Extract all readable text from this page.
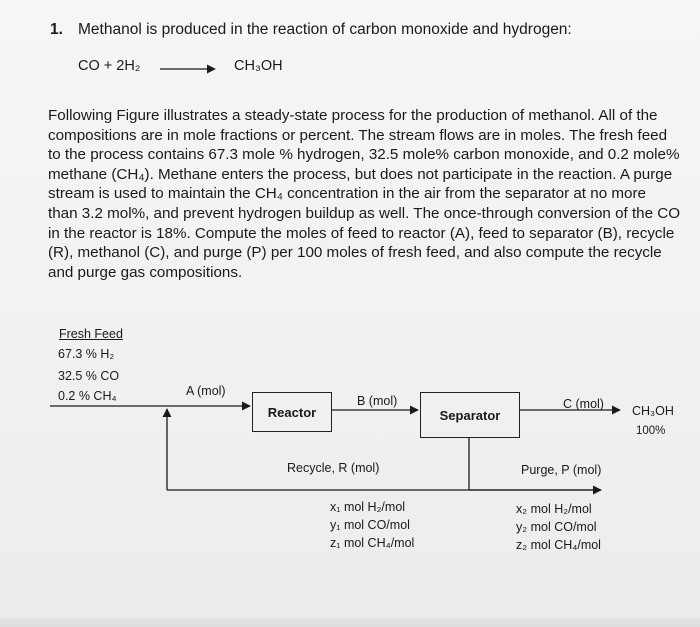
1. Methanol is produced in the reaction of carbon monoxide and hydrogen:
CO + 2H₂	CH₃OH

Following Figure illustrates a steady-state process for the production of methanol. All of the
compositions are in mole fractions or percent. The stream flows are in moles. The fresh feed
to the process contains 67.3 mole % hydrogen, 32.5 mole% carbon monoxide, and 0.2 mole%
methane (CH₄). Methane enters the process, but does not participate in the reaction. A purge
stream is used to maintain the CH₄ concentration in the air from the separator at no more
than 3.2 mol%, and prevent hydrogen buildup as well. The once-through conversion of the CO
in the reactor is 18%. Compute the moles of feed to reactor (A), feed to separator (B), recycle
(R), methanol (C), and purge (P) per 100 moles of fresh feed, and also compute the recycle
and purge gas compositions.

Fresh Feed
67.3 % H₂
32.5 % CO
0.2 % CH₄	A (mol)
B (mol)	C (mol)
Reactor	Separator	CH₃OH
100%
Recycle, R (mol)	Purge, P (mol)
x₁ mol H₂/mol
y₁ mol CO/mol
z₁ mol CH₄/mol
x₂ mol H₂/mol
y₂ mol CO/mol
z₂ mol CH₄/mol
